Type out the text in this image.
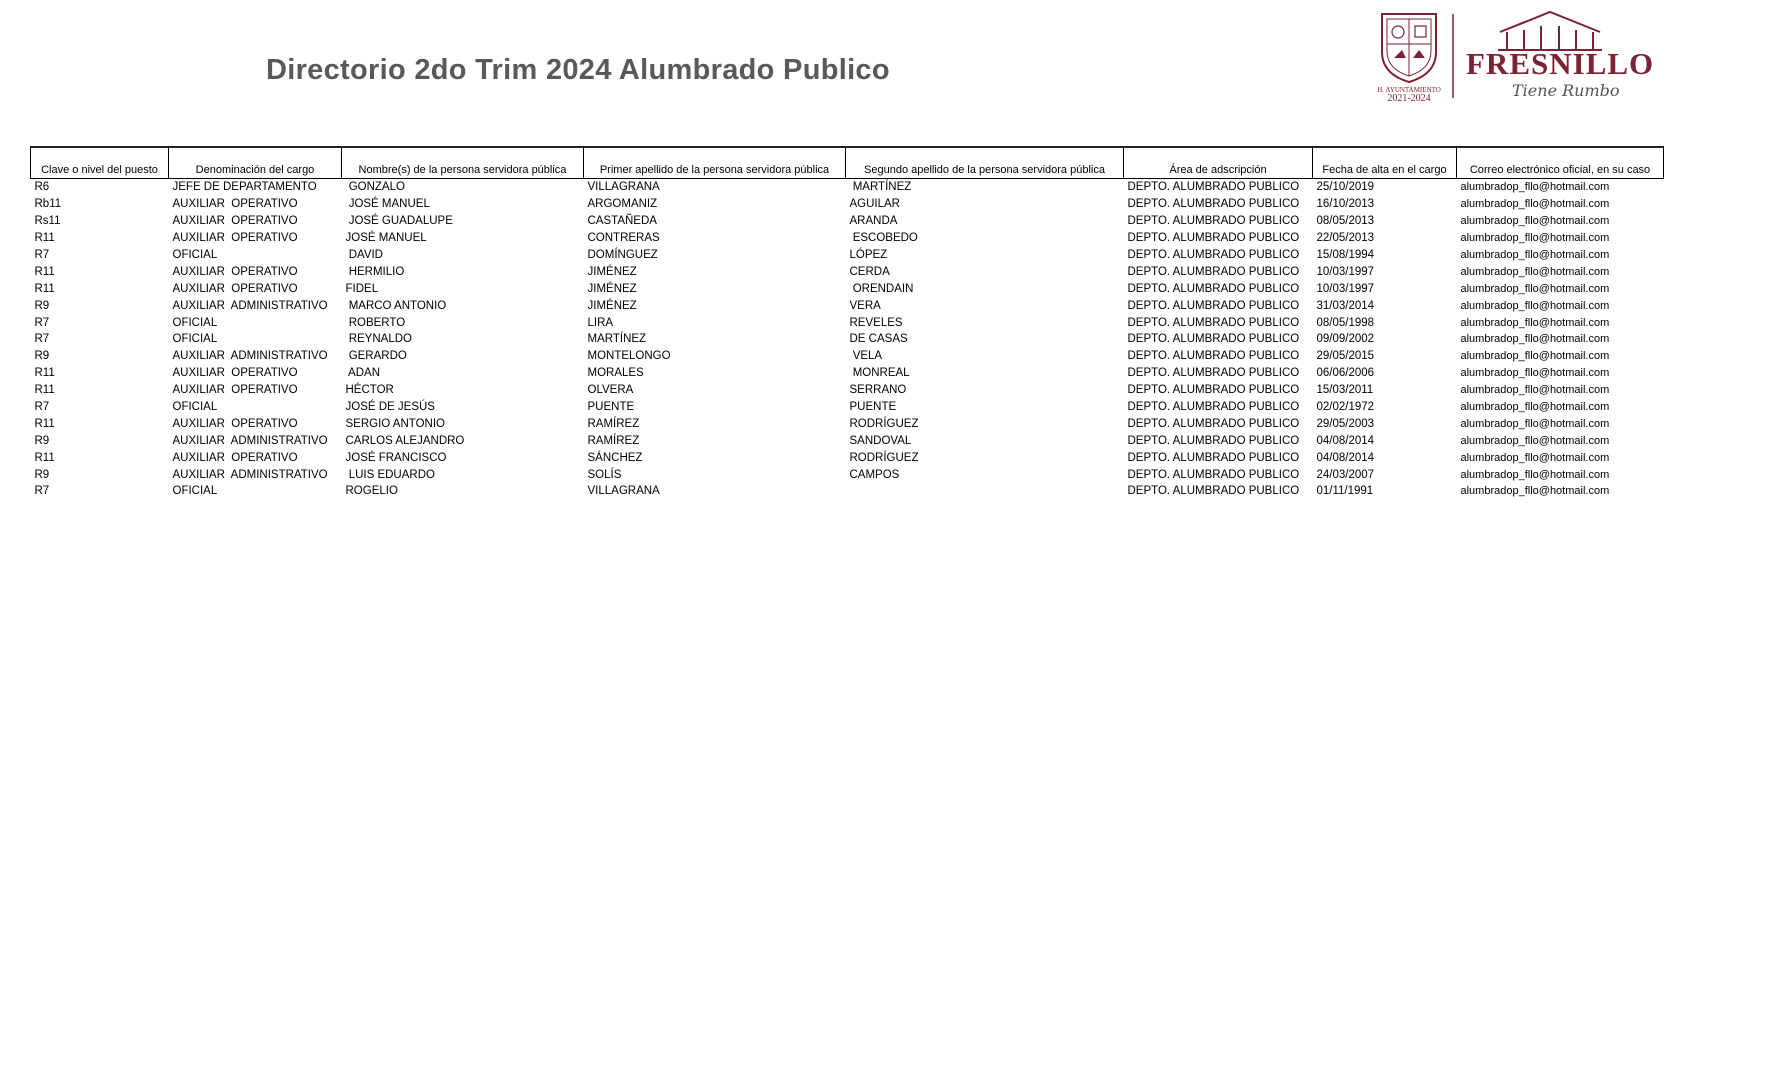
Directorio 2do Trim 2024 Alumbrado Publico
H. AYUNTAMIENTO
2021-2024
FRESNILLO
Tiene Rumbo
Clave o nivel del puesto	Denominación del cargo	Nombre(s) de la persona servidora pública	Primer apellido de la persona servidora pública	Segundo apellido de la persona servidora pública	Área de adscripción	Fecha de alta en el cargo	Correo electrónico oficial, en su caso
R6	JEFE DE DEPARTAMENTO	GONZALO	VILLAGRANA	MARTÍNEZ	DEPTO. ALUMBRADO PUBLICO	25/10/2019	alumbradop_fllo@hotmail.com
Rb11	AUXILIAR  OPERATIVO	JOSÉ MANUEL	ARGOMANIZ	AGUILAR	DEPTO. ALUMBRADO PUBLICO	16/10/2013	alumbradop_fllo@hotmail.com
Rs11	AUXILIAR  OPERATIVO	JOSÉ GUADALUPE	CASTAÑEDA	ARANDA	DEPTO. ALUMBRADO PUBLICO	08/05/2013	alumbradop_fllo@hotmail.com
R11	AUXILIAR  OPERATIVO	JOSÉ MANUEL	CONTRERAS	ESCOBEDO	DEPTO. ALUMBRADO PUBLICO	22/05/2013	alumbradop_fllo@hotmail.com
R7	OFICIAL	DAVID	DOMÍNGUEZ	LÓPEZ	DEPTO. ALUMBRADO PUBLICO	15/08/1994	alumbradop_fllo@hotmail.com
R11	AUXILIAR  OPERATIVO	HERMILIO	JIMÉNEZ	CERDA	DEPTO. ALUMBRADO PUBLICO	10/03/1997	alumbradop_fllo@hotmail.com
R11	AUXILIAR  OPERATIVO	FIDEL	JIMÉNEZ	ORENDAIN	DEPTO. ALUMBRADO PUBLICO	10/03/1997	alumbradop_fllo@hotmail.com
R9	AUXILIAR  ADMINISTRATIVO	MARCO ANTONIO	JIMÉNEZ	VERA	DEPTO. ALUMBRADO PUBLICO	31/03/2014	alumbradop_fllo@hotmail.com
R7	OFICIAL	ROBERTO	LIRA	REVELES	DEPTO. ALUMBRADO PUBLICO	08/05/1998	alumbradop_fllo@hotmail.com
R7	OFICIAL	REYNALDO	MARTÍNEZ	DE CASAS	DEPTO. ALUMBRADO PUBLICO	09/09/2002	alumbradop_fllo@hotmail.com
R9	AUXILIAR  ADMINISTRATIVO	GERARDO	MONTELONGO	VELA	DEPTO. ALUMBRADO PUBLICO	29/05/2015	alumbradop_fllo@hotmail.com
R11	AUXILIAR  OPERATIVO	ADAN	MORALES	MONREAL	DEPTO. ALUMBRADO PUBLICO	06/06/2006	alumbradop_fllo@hotmail.com
R11	AUXILIAR  OPERATIVO	HÉCTOR	OLVERA	SERRANO	DEPTO. ALUMBRADO PUBLICO	15/03/2011	alumbradop_fllo@hotmail.com
R7	OFICIAL	JOSÉ DE JESÚS	PUENTE	PUENTE	DEPTO. ALUMBRADO PUBLICO	02/02/1972	alumbradop_fllo@hotmail.com
R11	AUXILIAR  OPERATIVO	SERGIO ANTONIO	RAMÍREZ	RODRÍGUEZ	DEPTO. ALUMBRADO PUBLICO	29/05/2003	alumbradop_fllo@hotmail.com
R9	AUXILIAR  ADMINISTRATIVO	CARLOS ALEJANDRO	RAMÍREZ	SANDOVAL	DEPTO. ALUMBRADO PUBLICO	04/08/2014	alumbradop_fllo@hotmail.com
R11	AUXILIAR  OPERATIVO	JOSÉ FRANCISCO	SÁNCHEZ	RODRÍGUEZ	DEPTO. ALUMBRADO PUBLICO	04/08/2014	alumbradop_fllo@hotmail.com
R9	AUXILIAR  ADMINISTRATIVO	LUIS EDUARDO	SOLÍS	CAMPOS	DEPTO. ALUMBRADO PUBLICO	24/03/2007	alumbradop_fllo@hotmail.com
R7	OFICIAL	ROGELIO	VILLAGRANA		DEPTO. ALUMBRADO PUBLICO	01/11/1991	alumbradop_fllo@hotmail.com
